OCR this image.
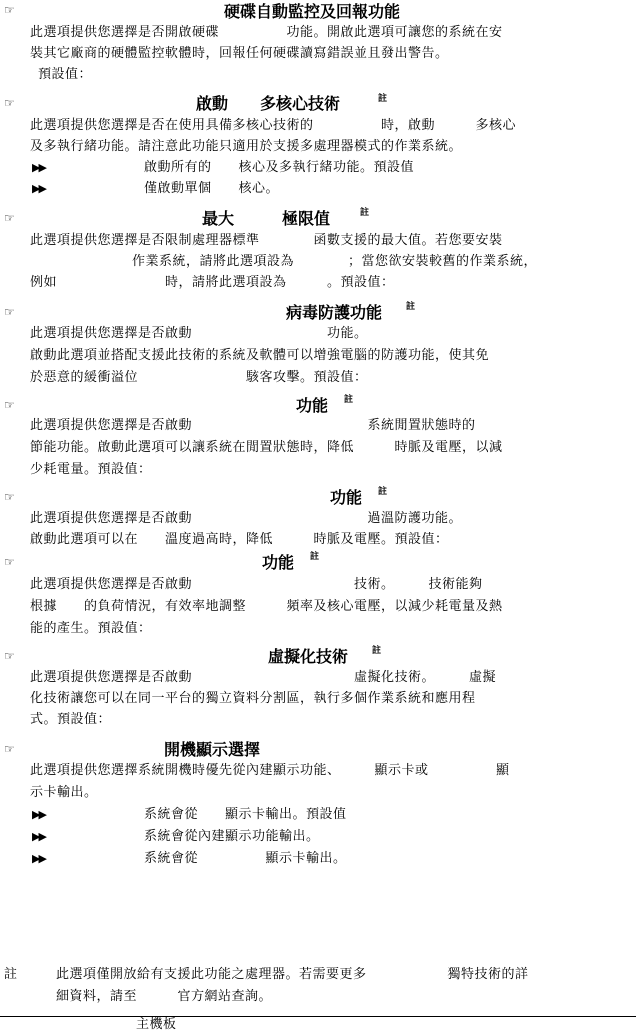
☞	硬碟自動監控及回報功能
此選項提供您選擇是否開啟硬碟　　　　　功能。開啟此選項可讓您的系統在安
裝其它廠商的硬體監控軟體時，回報任何硬碟讀寫錯誤並且發出警告。
預設值：
☞	啟動　　多核心技術	註
此選項提供您選擇是否在使用具備多核心技術的　　　　　時，啟動　　　多核心
及多執行緒功能。請注意此功能只適用於支援多處理器模式的作業系統。
▶▶	啟動所有的　　核心及多執行緒功能。預設值
▶▶	僅啟動單個　　核心。
☞	最大　　　極限值	註
此選項提供您選擇是否限制處理器標準　　　　函數支援的最大值。若您要安裝
作業系統，請將此選項設為　　　　；當您欲安裝較舊的作業系統，
例如　　　　　　　　時，請將此選項設為　　　。預設值：
☞	病毒防護功能	註
此選項提供您選擇是否啟動　　　　　　　　　　功能。
啟動此選項並搭配支援此技術的系統及軟體可以增強電腦的防護功能，使其免
於惡意的緩衝溢位　　　　　　　　駭客攻擊。預設值：
☞	功能 註
此選項提供您選擇是否啟動　　　　　　　　　　　　　系統閒置狀態時的
節能功能。啟動此選項可以讓系統在閒置狀態時，降低　　　時脈及電壓，以減
少耗電量。預設值：
☞	功能 註
此選項提供您選擇是否啟動　　　　　　　　　　　　　過溫防護功能。
啟動此選項可以在　　溫度過高時，降低　　　時脈及電壓。預設值：
☞	功能 註
此選項提供您選擇是否啟動　　　　　　　　　　　　技術。　　　技術能夠
根據　　的負荷情況，有效率地調整　　　頻率及核心電壓，以減少耗電量及熱
能的產生。預設值：
☞	虛擬化技術	註
此選項提供您選擇是否啟動　　　　　　　　　　　　虛擬化技術。　　　虛擬
化技術讓您可以在同一平台的獨立資料分割區，執行多個作業系統和應用程
式。預設值：
☞	開機顯示選擇
此選項提供您選擇系統開機時優先從內建顯示功能、　　　顯示卡或　　　　　顯
示卡輸出。
▶▶	系統會從　　顯示卡輸出。預設值
▶▶	系統會從內建顯示功能輸出。
▶▶	系統會從　　　　　顯示卡輸出。
註	此選項僅開放給有支援此功能之處理器。若需要更多　　　　　　獨特技術的詳
細資料，請至　　　官方網站查詢。
主機板
